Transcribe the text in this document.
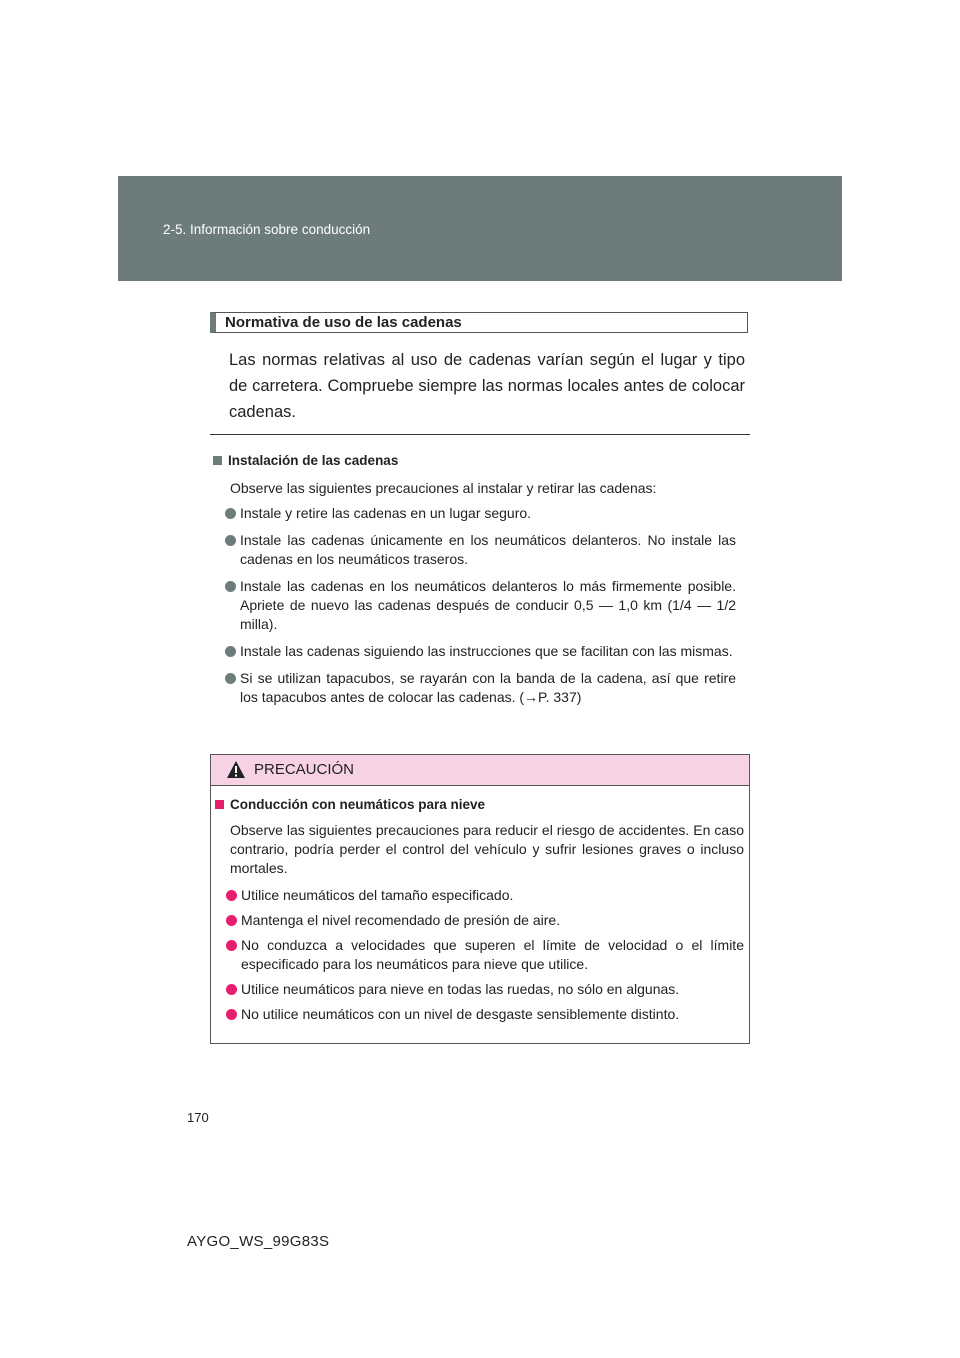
2-5. Información sobre conducción
Normativa de uso de las cadenas

Las normas relativas al uso de cadenas varían según el lugar y tipo de carretera. Compruebe siempre las normas locales antes de colocar cadenas.

Instalación de las cadenas

Observe las siguientes precauciones al instalar y retirar las cadenas:

Instale y retire las cadenas en un lugar seguro.
Instale las cadenas únicamente en los neumáticos delanteros. No instale las cadenas en los neumáticos traseros.
Instale las cadenas en los neumáticos delanteros lo más firmemente posible. Apriete de nuevo las cadenas después de conducir 0,5 — 1,0 km (1/4 — 1/2 milla).
Instale las cadenas siguiendo las instrucciones que se facilitan con las mismas.
Si se utilizan tapacubos, se rayarán con la banda de la cadena, así que retire los tapacubos antes de colocar las cadenas. (→P. 337)
PRECAUCIÓN
Conducción con neumáticos para nieve

Observe las siguientes precauciones para reducir el riesgo de accidentes. En caso contrario, podría perder el control del vehículo y sufrir lesiones graves o incluso mortales.

Utilice neumáticos del tamaño especificado.
Mantenga el nivel recomendado de presión de aire.
No conduzca a velocidades que superen el límite de velocidad o el límite especificado para los neumáticos para nieve que utilice.
Utilice neumáticos para nieve en todas las ruedas, no sólo en algunas.
No utilice neumáticos con un nivel de desgaste sensiblemente distinto.
170
AYGO_WS_99G83S
